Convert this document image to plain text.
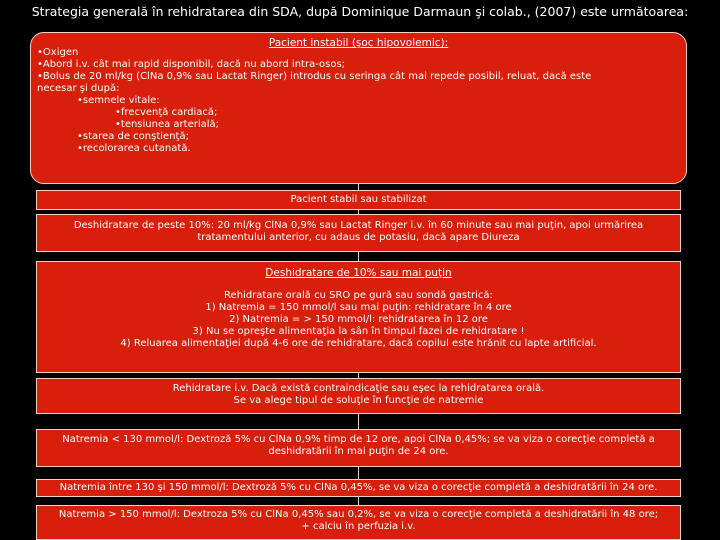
Strategia generală în rehidratarea din SDA, după Dominique Darmaun şi colab., (2007) este următoarea:
Pacient instabil (şoc hipovolemic):
•Oxigen
•Abord i.v. cât mai rapid disponibil, dacă nu abord intra-osos;
•Bolus de 20 ml/kg (ClNa 0,9% sau Lactat Ringer) introdus cu seringa cât mai repede posibil, reluat, dacă este
necesar şi după:
•semnele vitale:
•frecvenţă cardiacă;
•tensiunea arterială;
•starea de conştienţă;
•recolorarea cutanată.
Pacient stabil sau stabilizat
Deshidratare de peste 10%: 20 ml/kg ClNa 0,9% sau Lactat Ringer i.v. în 60 minute sau mai puţin, apoi urmărirea
tratamentului anterior, cu adaus de potasiu, dacă apare Diureza
Deshidratare de 10% sau mai puţin
Rehidratare orală cu SRO pe gură sau sondă gastrică:
1) Natremia = 150 mmol/l sau mai puţin: rehidratare în 4 ore
2) Natremia = > 150 mmol/l: rehidratarea în 12 ore
3) Nu se opreşte alimentaţia la sân în timpul fazei de rehidratare !
4) Reluarea alimentaţiei după 4-6 ore de rehidratare, dacă copilul este hrănit cu lapte artificial.
Rehidratare i.v. Dacă există contraindicaţie sau eşec la rehidratarea orală.
Se va alege tipul de soluţie în funcţie de natremie
Natremia < 130 mmol/l: Dextroză 5% cu ClNa 0,9% timp de 12 ore, apoi ClNa 0,45%; se va viza o corecţie completă a
deshidratării în mai puţin de 24 ore.
Natremia între 130 şi 150 mmol/l: Dextroză 5% cu ClNa 0,45%, se va viza o corecţie completă a deshidratării în 24 ore.
Natremia > 150 mmol/l: Dextroza 5% cu ClNa 0,45% sau 0,2%, se va viza o corecţie completă a deshidratării în 48 ore;
+ calciu în perfuzia i.v.
